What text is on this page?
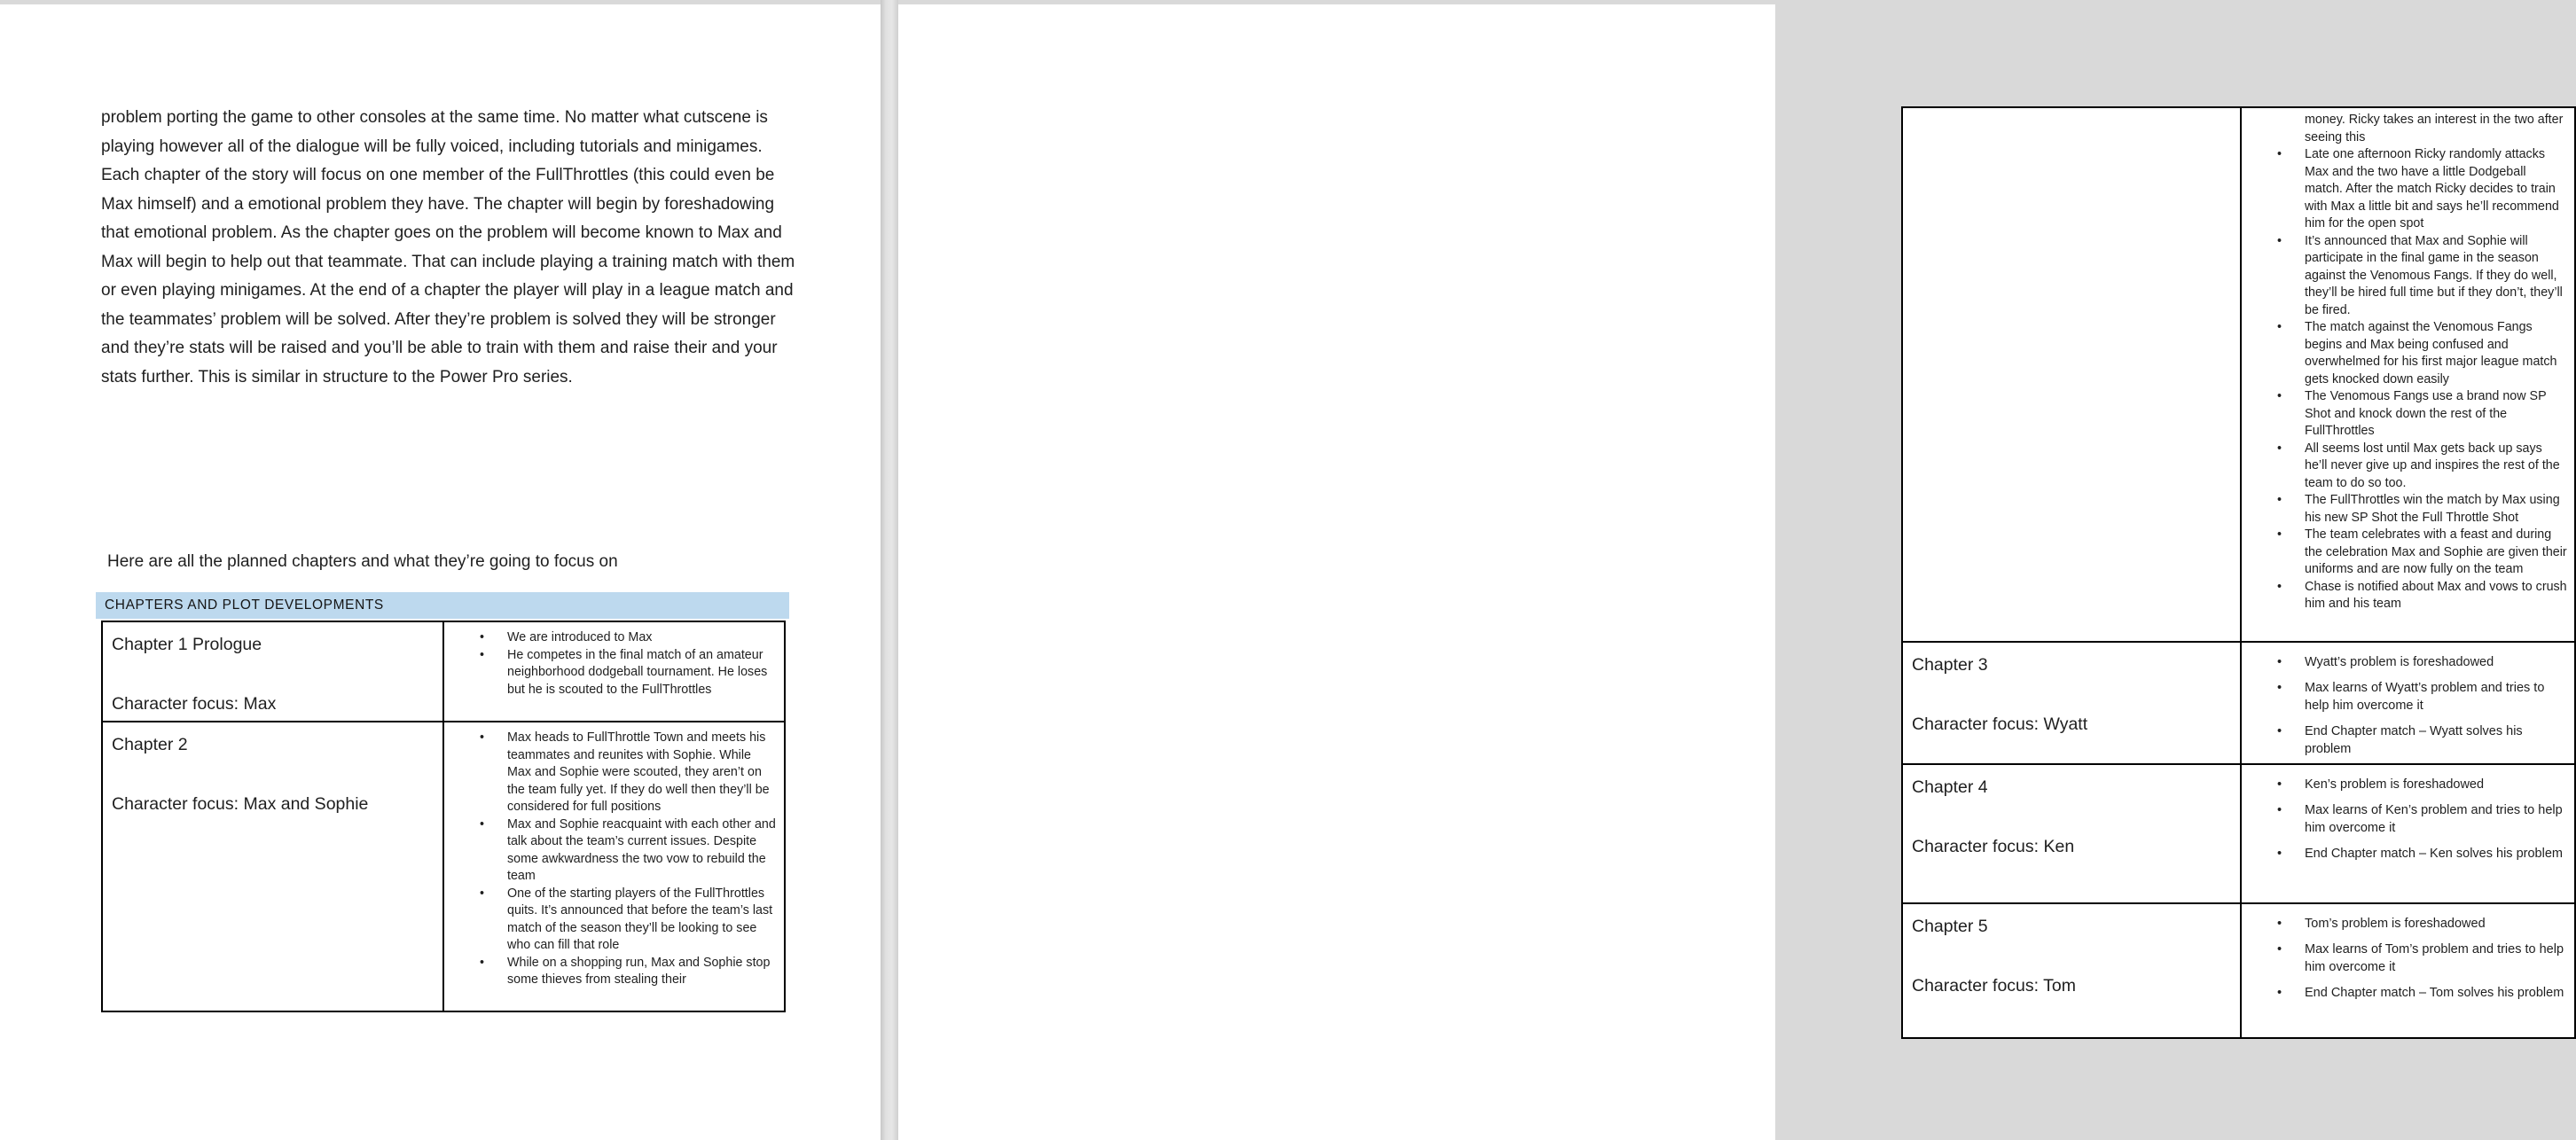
problem porting the game to other consoles at the same time. No matter what cutscene is playing however all of the dialogue will be fully voiced, including tutorials and minigames. Each chapter of the story will focus on one member of the FullThrottles (this could even be Max himself) and a emotional problem they have. The chapter will begin by foreshadowing that emotional problem. As the chapter goes on the problem will become known to Max and Max will begin to help out that teammate. That can include playing a training match with them or even playing minigames. At the end of a chapter the player will play in a league match and the teammates’ problem will be solved. After they’re problem is solved they will be stronger and they’re stats will be raised and you’ll be able to train with them and raise their and your stats further. This is similar in structure to the Power Pro series.
Here are all the planned chapters and what they’re going to focus on
CHAPTERS AND PLOT DEVELOPMENTS
Chapter 1 Prologue
Character focus: Max
• We are introduced to Max
• He competes in the final match of an amateur neighborhood dodgeball tournament. He loses but he is scouted to the FullThrottles
Chapter 2
Character focus: Max and Sophie
• Max heads to FullThrottle Town and meets his teammates and reunites with Sophie. While Max and Sophie were scouted, they aren’t on the team fully yet. If they do well then they’ll be considered for full positions
• Max and Sophie reacquaint with each other and talk about the team’s current issues. Despite some awkwardness the two vow to rebuild the team
• One of the starting players of the FullThrottles quits. It’s announced that before the team’s last match of the season they’ll be looking to see who can fill that role
• While on a shopping run, Max and Sophie stop some thieves from stealing their
money. Ricky takes an interest in the two after seeing this
• Late one afternoon Ricky randomly attacks Max and the two have a little Dodgeball match. After the match Ricky decides to train with Max a little bit and says he’ll recommend him for the open spot
• It’s announced that Max and Sophie will participate in the final game in the season against the Venomous Fangs. If they do well, they’ll be hired full time but if they don’t, they’ll be fired.
• The match against the Venomous Fangs begins and Max being confused and overwhelmed for his first major league match gets knocked down easily
• The Venomous Fangs use a brand now SP Shot and knock down the rest of the FullThrottles
• All seems lost until Max gets back up says he’ll never give up and inspires the rest of the team to do so too.
• The FullThrottles win the match by Max using his new SP Shot the Full Throttle Shot
• The team celebrates with a feast and during the celebration Max and Sophie are given their uniforms and are now fully on the team
• Chase is notified about Max and vows to crush him and his team
Chapter 3
Character focus: Wyatt
• Wyatt’s problem is foreshadowed
• Max learns of Wyatt’s problem and tries to help him overcome it
• End Chapter match – Wyatt solves his problem
Chapter 4
Character focus: Ken
• Ken’s problem is foreshadowed
• Max learns of Ken’s problem and tries to help him overcome it
• End Chapter match – Ken solves his problem
Chapter 5
Character focus: Tom
• Tom’s problem is foreshadowed
• Max learns of Tom’s problem and tries to help him overcome it
• End Chapter match – Tom solves his problem
